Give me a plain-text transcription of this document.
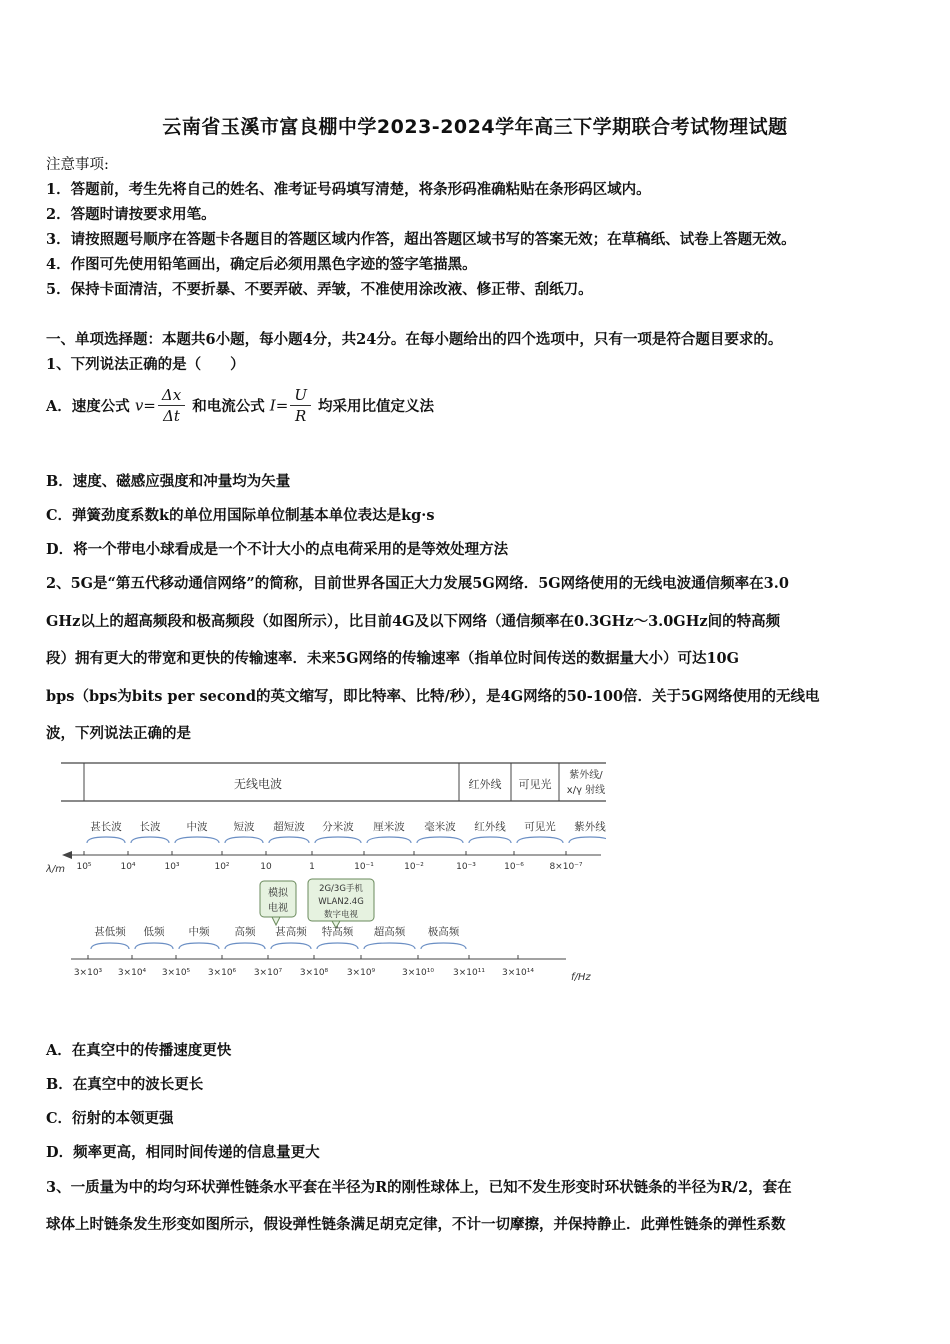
云南省玉溪市富良棚中学2023-2024学年高三下学期联合考试物理试题
注意事项:
1．答题前，考生先将自己的姓名、准考证号码填写清楚，将条形码准确粘贴在条形码区域内。
2．答题时请按要求用笔。
3．请按照题号顺序在答题卡各题目的答题区域内作答，超出答题区域书写的答案无效；在草稿纸、试卷上答题无效。
4．作图可先使用铅笔画出，确定后必须用黑色字迹的签字笔描黑。
5．保持卡面清洁，不要折暴、不要弄破、弄皱，不准使用涂改液、修正带、刮纸刀。
一、单项选择题：本题共6小题，每小题4分，共24分。在每小题给出的四个选项中，只有一项是符合题目要求的。
1、下列说法正确的是（　　）
A．速度公式 $v= \frac{\Delta x}{\Delta t}$ 和电流公式 $I= \frac{U}{R}$ 均采用比值定义法
B．速度、磁感应强度和冲量均为矢量
C．弹簧劲度系数k的单位用国际单位制基本单位表达是kg·s
D．将一个带电小球看成是一个不计大小的点电荷采用的是等效处理方法
2、5G是“第五代移动通信网络”的简称，目前世界各国正大力发展5G网络．5G网络使用的无线电波通信频率在3.0
GHz以上的超高频段和极高频段（如图所示），比目前4G及以下网络（通信频率在0.3GHz～3.0GHz间的特高频
段）拥有更大的带宽和更快的传输速率．未来5G网络的传输速率（指单位时间传送的数据量大小）可达10G
bps（bps为bits per second的英文缩写，即比特率、比特/秒），是4G网络的50-100倍．关于5G网络使用的无线电
波，下列说法正确的是
无线电波	红外线 可见光
紫外线/
x/γ 射线
甚长波 长波 中波 短波 超短波 分米波 厘米波 毫米波 红外线 可见光 紫外线
λ/m 10⁵	10⁴	10³	10²	10	1	10⁻¹	10⁻²	10⁻³	10⁻⁶	8×10⁻⁷
模拟
电视
2G/3G手机
WLAN2.4G
数字电视
甚低频 低频 中频 高频 甚高频 特高频 超高频 极高频
f/Hz
3×10³ 3×10⁴ 3×10⁵ 3×10⁶ 3×10⁷ 3×10⁸ 3×10⁹	3×10¹⁰ 3×10¹¹ 3×10¹⁴
A．在真空中的传播速度更快
B．在真空中的波长更长
C．衍射的本领更强
D．频率更高，相同时间传递的信息量更大
3、一质量为中的均匀环状弹性链条水平套在半径为R的刚性球体上，已知不发生形变时环状链条的半径为R/2，套在
球体上时链条发生形变如图所示，假设弹性链条满足胡克定律，不计一切摩擦，并保持静止．此弹性链条的弹性系数
